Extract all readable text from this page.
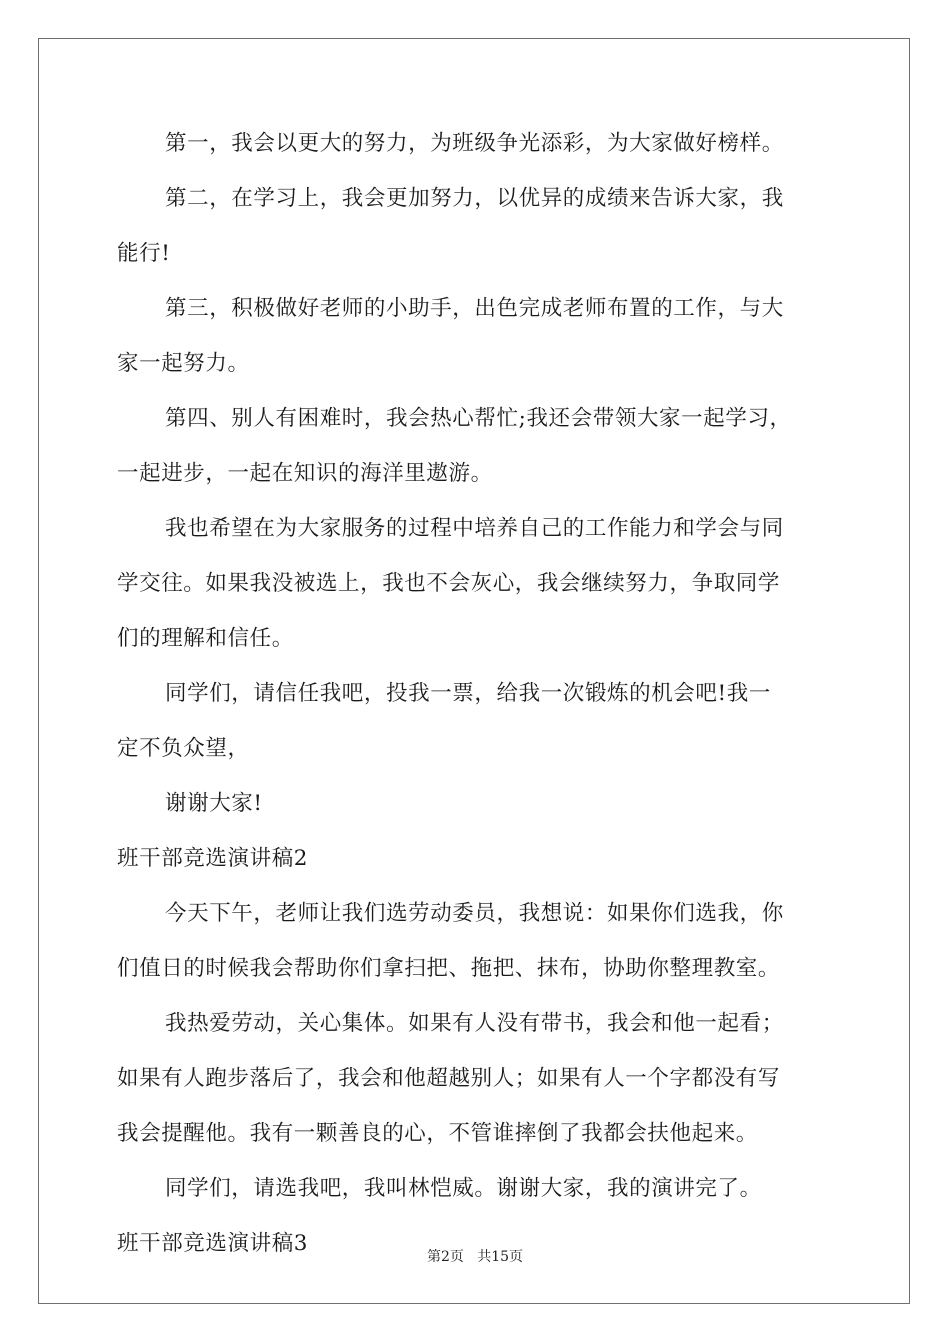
第一，我会以更大的努力，为班级争光添彩，为大家做好榜样。
第二，在学习上，我会更加努力，以优异的成绩来告诉大家，我
能行!
第三，积极做好老师的小助手，出色完成老师布置的工作，与大
家一起努力。
第四、别人有困难时，我会热心帮忙;我还会带领大家一起学习，
一起进步，一起在知识的海洋里遨游。
我也希望在为大家服务的过程中培养自己的工作能力和学会与同
学交往。如果我没被选上，我也不会灰心，我会继续努力，争取同学
们的理解和信任。
同学们，请信任我吧，投我一票，给我一次锻炼的机会吧!我一
定不负众望，
谢谢大家!
班干部竞选演讲稿2
今天下午，老师让我们选劳动委员，我想说：如果你们选我，你
们值日的时候我会帮助你们拿扫把、拖把、抹布，协助你整理教室。
我热爱劳动，关心集体。如果有人没有带书，我会和他一起看；
如果有人跑步落后了，我会和他超越别人；如果有人一个字都没有写
我会提醒他。我有一颗善良的心，不管谁摔倒了我都会扶他起来。
同学们，请选我吧，我叫林恺威。谢谢大家，我的演讲完了。
班干部竞选演讲稿3
第2页 共15页
